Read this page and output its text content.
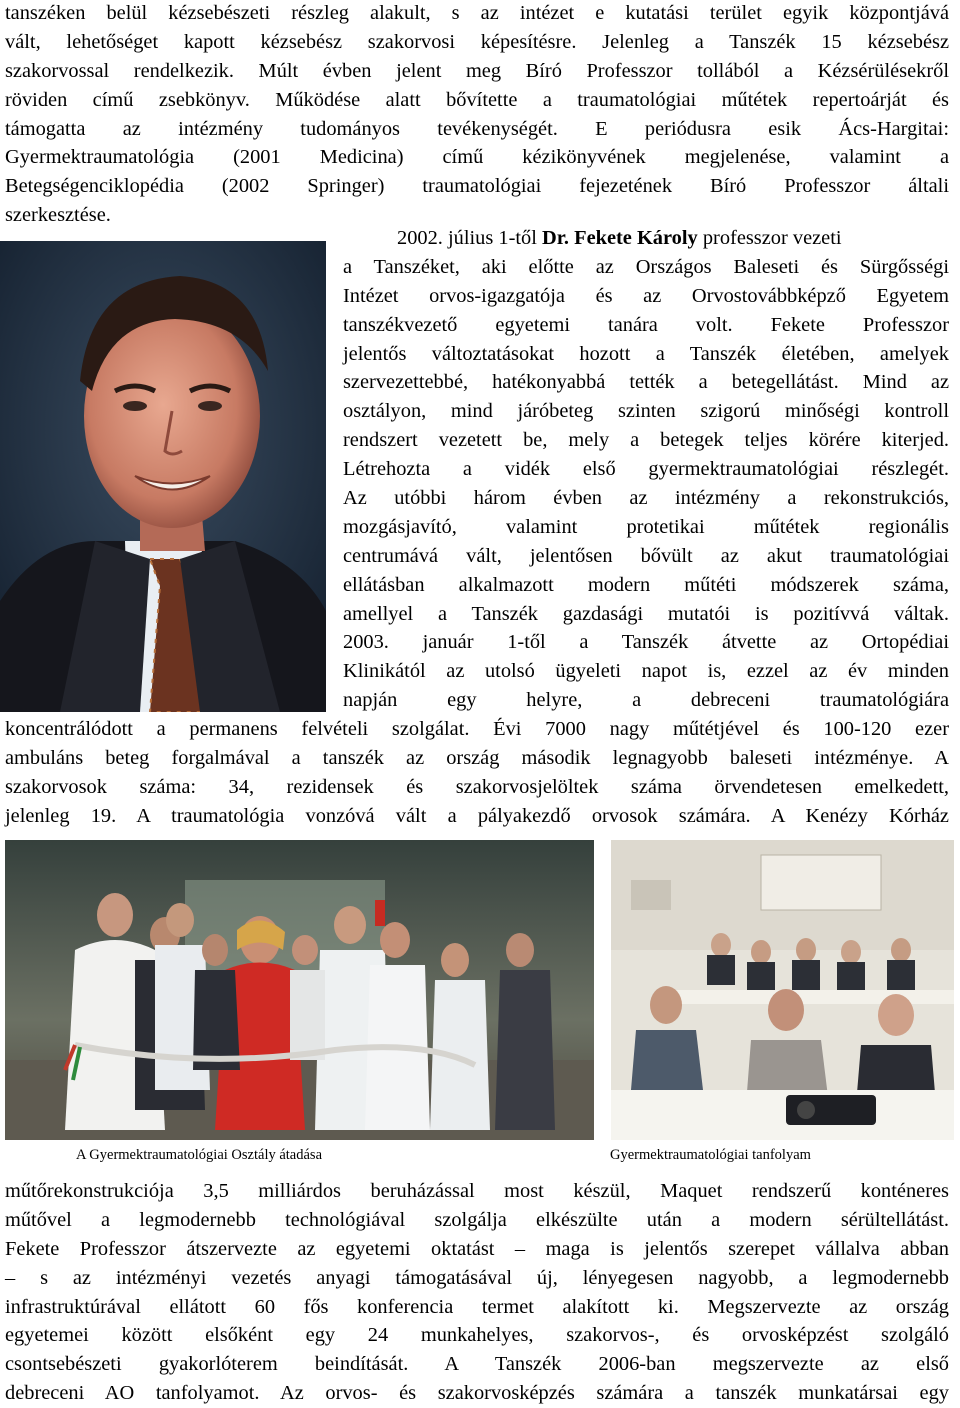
tanszéken belül kézsebészeti részleg alakult, s az intézet e kutatási terület egyik központjává
vált, lehetőséget kapott kézsebész szakorvosi képesítésre. Jelenleg a Tanszék 15 kézsebész
szakorvossal rendelkezik. Múlt évben jelent meg Bíró Professzor tollából a Kézsérülésekről
röviden című zsebkönyv. Működése alatt bővítette a traumatológiai műtétek repertoárját és
támogatta az intézmény tudományos tevékenységét. E periódusra esik Ács-Hargitai:
Gyermektraumatológia (2001 Medicina) című kézikönyvének megjelenése, valamint a
Betegségenciklopédia (2002 Springer) traumatológiai fejezetének Bíró Professzor általi
szerkesztése.
2002. július 1-től Dr. Fekete Károly professzor vezeti
a Tanszéket, aki előtte az Országos Baleseti és Sürgősségi
Intézet orvos-igazgatója és az Orvostovábbképző Egyetem
tanszékvezető egyetemi tanára volt. Fekete Professzor
jelentős változtatásokat hozott a Tanszék életében, amelyek
szervezettebbé, hatékonyabbá tették a betegellátást. Mind az
osztályon, mind járóbeteg szinten szigorú minőségi kontroll
rendszert vezetett be, mely a betegek teljes körére kiterjed.
Létrehozta a vidék első gyermektraumatológiai részlegét.
Az utóbbi három évben az intézmény a rekonstrukciós,
mozgásjavító, valamint protetikai műtétek regionális
centrumává vált, jelentősen bővült az akut traumatológiai
ellátásban alkalmazott modern műtéti módszerek száma,
amellyel a Tanszék gazdasági mutatói is pozitívvá váltak.
2003. január 1-től a Tanszék átvette az Ortopédiai
Klinikától az utolsó ügyeleti napot is, ezzel az év minden
napján egy helyre, a debreceni traumatológiára
koncentrálódott a permanens felvételi szolgálat. Évi 7000 nagy műtétjével és 100-120 ezer
ambuláns beteg forgalmával a tanszék az ország második legnagyobb baleseti intézménye. A
szakorvosok száma: 34, rezidensek és szakorvosjelöltek száma örvendetesen emelkedett,
jelenleg 19. A traumatológia vonzóvá vált a pályakezdő orvosok számára. A Kenézy Kórház
A Gyermektraumatológiai Osztály átadása	Gyermektraumatológiai tanfolyam
műtőrekonstrukciója 3,5 milliárdos beruházással most készül, Maquet rendszerű konténeres
műtővel a legmodernebb technológiával szolgálja elkészülte után a modern sérültellátást.
Fekete Professzor átszervezte az egyetemi oktatást – maga is jelentős szerepet vállalva abban
– s az intézményi vezetés anyagi támogatásával új, lényegesen nagyobb, a legmodernebb
infrastruktúrával ellátott 60 fős konferencia termet alakított ki. Megszervezte az ország
egyetemei között elsőként egy 24 munkahelyes, szakorvos-, és orvosképzést szolgáló
csontsebészeti gyakorlóterem beindítását. A Tanszék 2006-ban megszervezte az első
debreceni AO tanfolyamot. Az orvos- és szakorvosképzés számára a tanszék munkatársai egy
